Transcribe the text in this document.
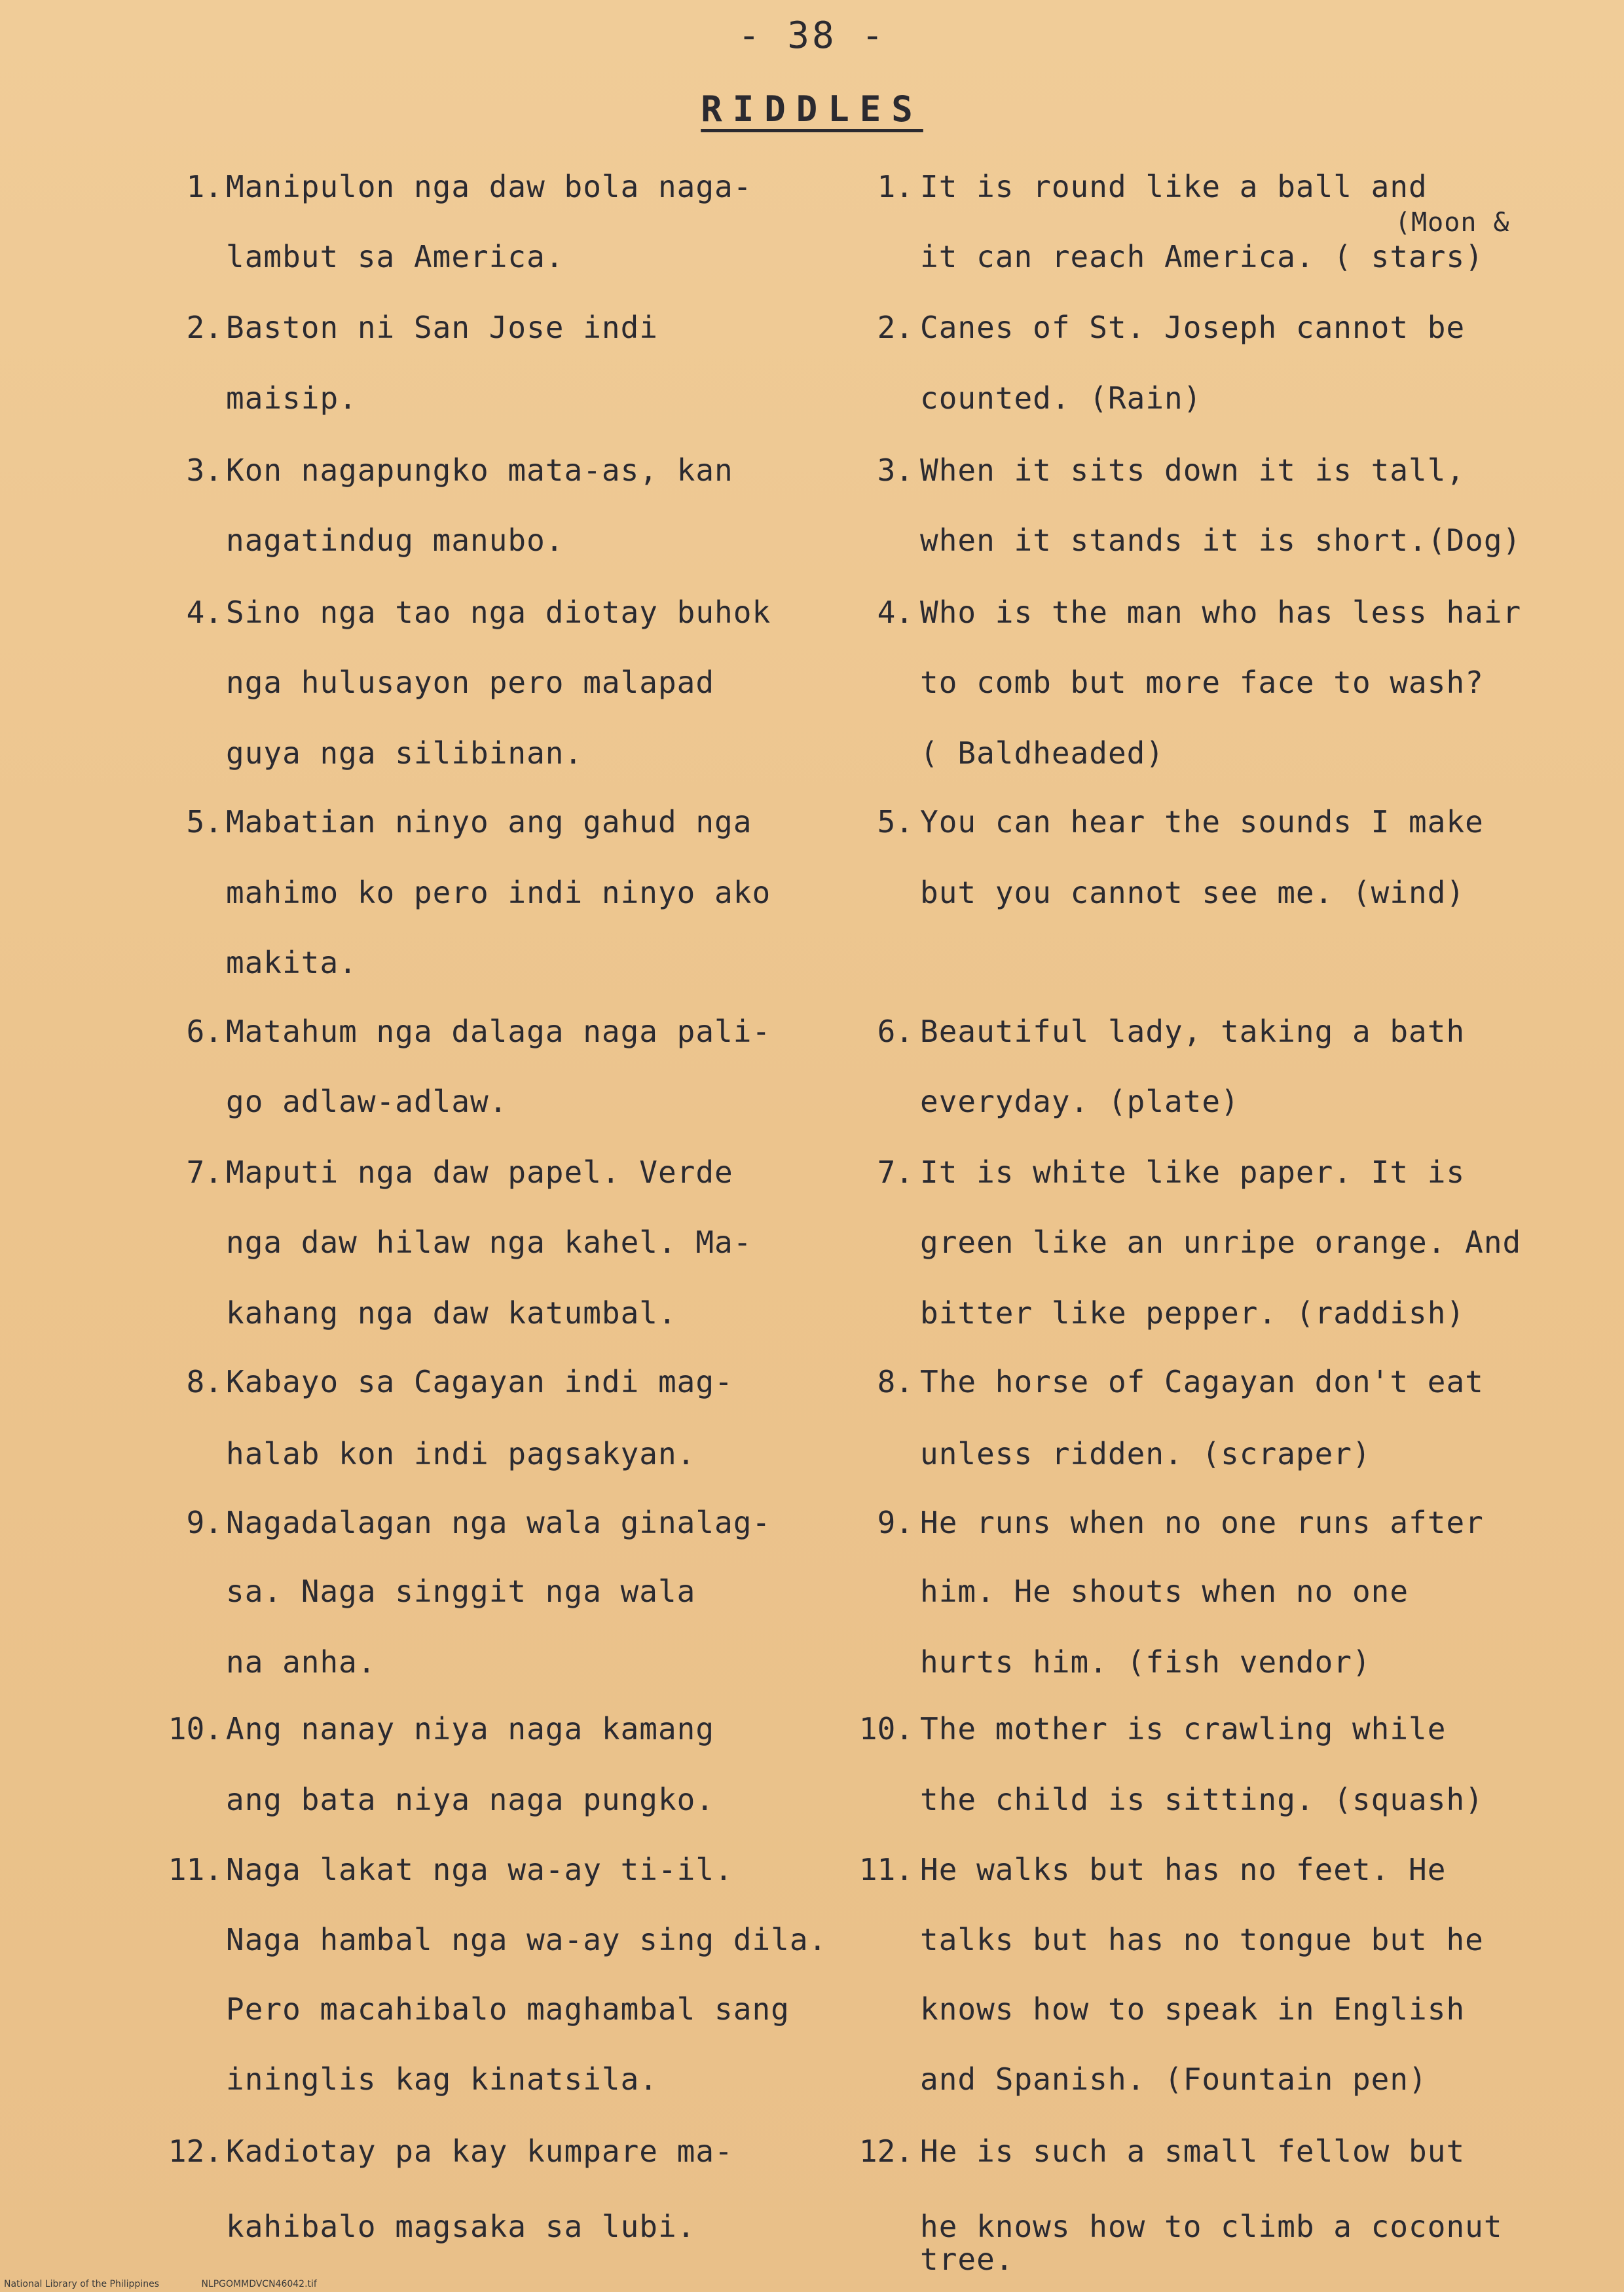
- 38 -
RIDDLES
1. Manipulon nga daw bola naga-
lambut sa America.
1. It is round like a ball and
(Moon &
it can reach America. ( stars)
2. Baston ni San Jose indi
maisip.
2. Canes of St. Joseph cannot be
counted. (Rain)
3. Kon nagapungko mata-as, kan
nagatindug manubo.
3. When it sits down it is tall,
when it stands it is short.(Dog)
4. Sino nga tao nga diotay buhok
nga hulusayon pero malapad
guya nga silibinan.
4. Who is the man who has less hair
to comb but more face to wash?
( Baldheaded)
5. Mabatian ninyo ang gahud nga
mahimo ko pero indi ninyo ako
makita.
5. You can hear the sounds I make
but you cannot see me. (wind)
6. Matahum nga dalaga naga pali-
go adlaw-adlaw.
6. Beautiful lady, taking a bath
everyday. (plate)
7. Maputi nga daw papel. Verde
nga daw hilaw nga kahel. Ma-
kahang nga daw katumbal.
7. It is white like paper. It is
green like an unripe orange. And
bitter like pepper. (raddish)
8. Kabayo sa Cagayan indi mag-
halab kon indi pagsakyan.
8. The horse of Cagayan don't eat
unless ridden. (scraper)
9. Nagadalagan nga wala ginalag-
sa. Naga singgit nga wala
na anha.
9. He runs when no one runs after
him. He shouts when no one
hurts him. (fish vendor)
10. Ang nanay niya naga kamang
ang bata niya naga pungko.
10. The mother is crawling while
the child is sitting. (squash)
11. Naga lakat nga wa-ay ti-il.
Naga hambal nga wa-ay sing dila.
Pero macahibalo maghambal sang
ininglis kag kinatsila.
11. He walks but has no feet. He
talks but has no tongue but he
knows how to speak in English
and Spanish. (Fountain pen)
12. Kadiotay pa kay kumpare ma-
kahibalo magsaka sa lubi.
12. He is such a small fellow but
he knows how to climb a coconut
tree.
National Library of the Philippines	NLPGOMMDVCN46042.tif
